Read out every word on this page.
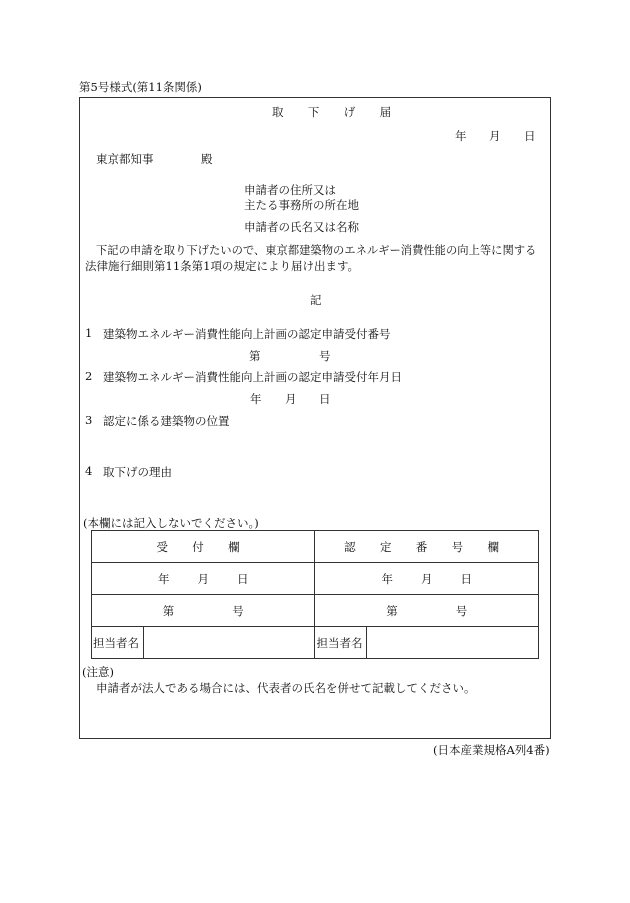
第5号様式(第11条関係)
取 下 げ 届
年 月 日
東京都知事	殿
申請者の住所又は
主たる事務所の所在地
申請者の氏名又は名称
下記の申請を取り下げたいので、東京都建築物のエネルギー消費性能の向上等に関する
法律施行細則第11条第1項の規定により届け出ます。
記
1 建築物エネルギー消費性能向上計画の認定申請受付番号
第	号
2 建築物エネルギー消費性能向上計画の認定申請受付年月日
年 月 日
3 認定に係る建築物の位置
4 取下げの理由
(本欄には記入しないでください。)
受 付 欄		認 定 番 号 欄	
年 月 日		年 月 日	
第 号		第 号	
担当者名		担当者名	
(注意)
申請者が法人である場合には、代表者の氏名を併せて記載してください。
(日本産業規格A列4番)
